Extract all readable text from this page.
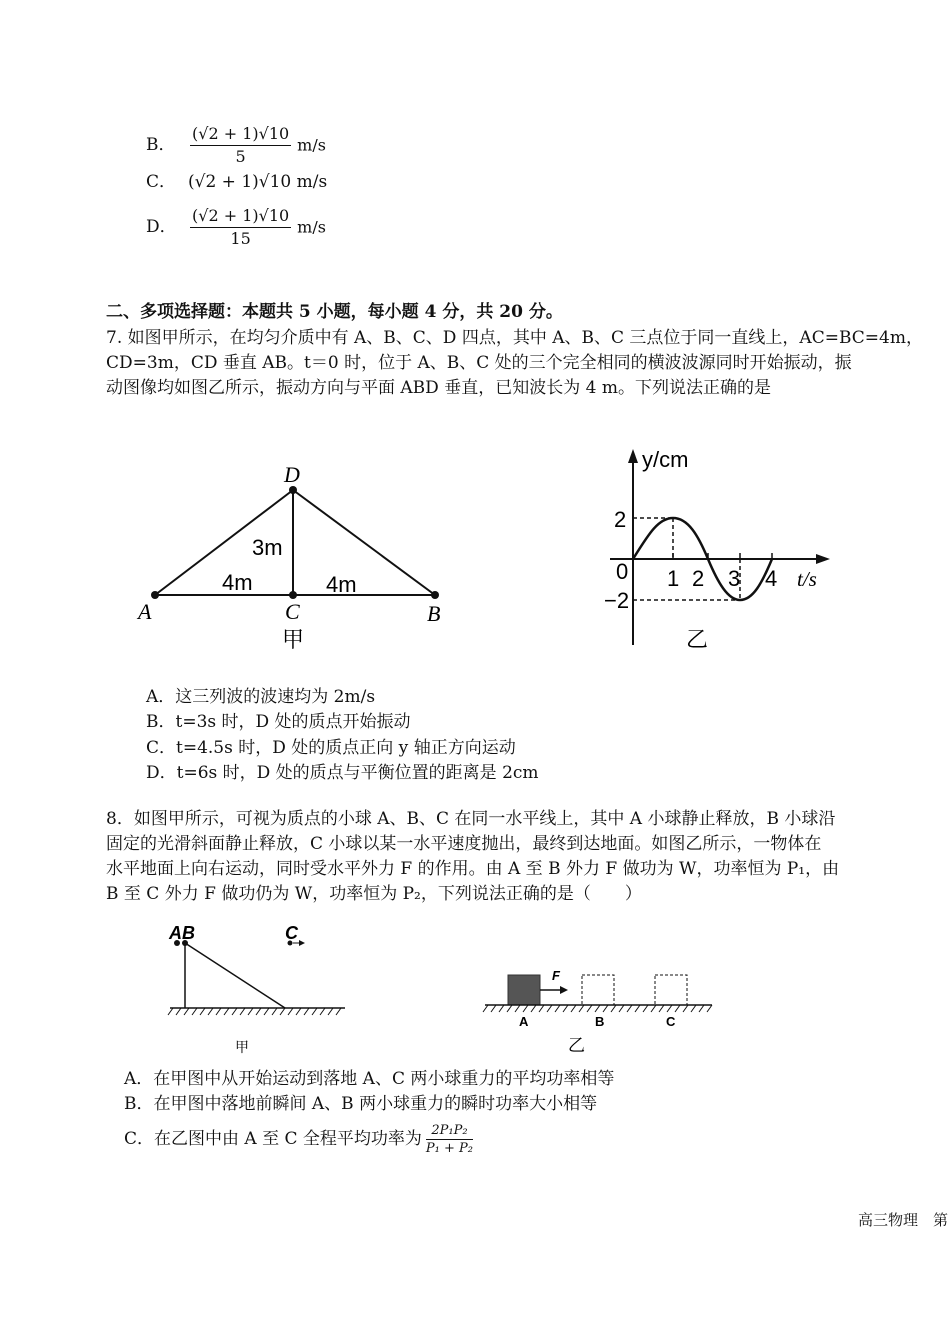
B． $\frac{(√2 + 1)√10}{5} m/s$
C． (√2 + 1)√10 m/s
D． $\frac{(√2 + 1)√10}{15} m/s$
二、多项选择题：本题共 5 小题，每小题 4 分，共 20 分。
7. 如图甲所示，在均匀介质中有 A、B、C、D 四点，其中 A、B、C 三点位于同一直线上，AC=BC=4m，
CD=3m，CD 垂直 AB。t＝0 时，位于 A、B、C 处的三个完全相同的横波波源同时开始振动，振
动图像均如图乙所示，振动方向与平面 ABD 垂直，已知波长为 4 m。下列说法正确的是
D
A	B
C
3m
4m	4m
甲
y/cm
t/s
2
−2
0 1 2 3 4
乙
A．这三列波的波速均为 2m/s
B．t=3s 时，D 处的质点开始振动
C．t=4.5s 时，D 处的质点正向 y 轴正方向运动
D．t=6s 时，D 处的质点与平衡位置的距离是 2cm
8．如图甲所示，可视为质点的小球 A、B、C 在同一水平线上，其中 A 小球静止释放，B 小球沿
固定的光滑斜面静止释放，C 小球以某一水平速度抛出，最终到达地面。如图乙所示，一物体在
水平地面上向右运动，同时受水平外力 F 的作用。由 A 至 B 外力 F 做功为 W，功率恒为 P₁，由
B 至 C 外力 F 做功仍为 W，功率恒为 P₂，下列说法正确的是（　　）
AB	C
甲
F
A	B	C
乙
A．在甲图中从开始运动到落地 A、C 两小球重力的平均功率相等
B．在甲图中落地前瞬间 A、B 两小球重力的瞬时功率大小相等
C．在乙图中由 A 至 C 全程平均功率为 $\frac{\text{2P₁P₂}}{\text{P₁ + P₂}}$
高三物理　第
